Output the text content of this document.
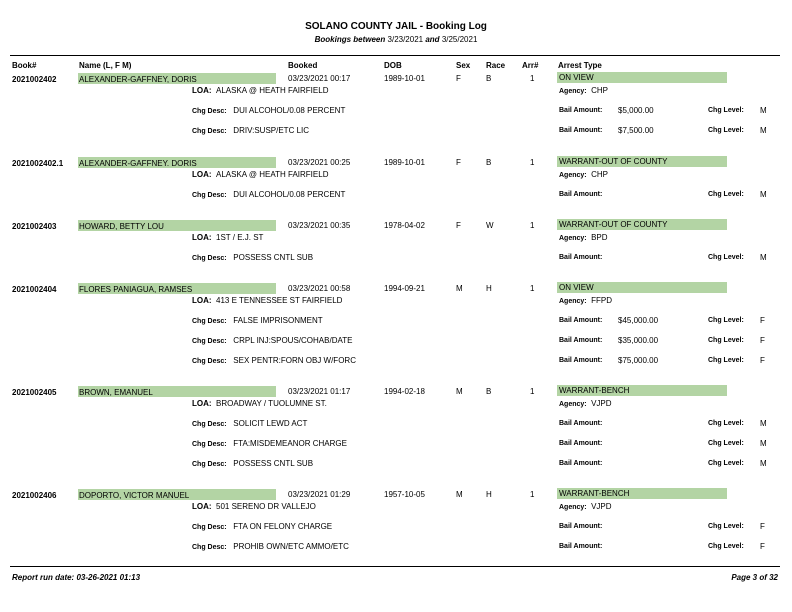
SOLANO COUNTY JAIL - Booking Log
Bookings between 3/23/2021 and 3/25/2021
Book#	Name (L, F M)	Booked	DOB	Sex Race Arr# Arrest Type
2021002402	ALEXANDER-GAFFNEY, DORIS	03/23/2021 00:17	1989-10-01	F	B	1	ON VIEW
LOA: ALASKA @ HEATH FAIRFIELD	Agency: CHP
Chg Desc: DUI ALCOHOL/0.08 PERCENT	Bail Amount: $5,000.00	Chg Level: M
Chg Desc: DRIV:SUSP/ETC LIC	Bail Amount: $7,500.00	Chg Level: M
2021002402.1 ALEXANDER-GAFFNEY. DORIS	03/23/2021 00:25	1989-10-01	F	B	1	WARRANT-OUT OF COUNTY
LOA: ALASKA @ HEATH FAIRFIELD	Agency: CHP
Chg Desc: DUI ALCOHOL/0.08 PERCENT	Bail Amount:	Chg Level: M
2021002403	HOWARD, BETTY LOU	03/23/2021 00:35	1978-04-02	F	W	1	WARRANT-OUT OF COUNTY
LOA: 1ST / E.J. ST	Agency: BPD
Chg Desc: POSSESS CNTL SUB	Bail Amount:	Chg Level: M
2021002404	FLORES PANIAGUA, RAMSES	03/23/2021 00:58	1994-09-21	M	H	1	ON VIEW
LOA: 413 E TENNESSEE ST FAIRFIELD	Agency: FFPD
Chg Desc: FALSE IMPRISONMENT	Bail Amount: $45,000.00	Chg Level: F
Chg Desc: CRPL INJ:SPOUS/COHAB/DATE	Bail Amount: $35,000.00	Chg Level: F
Chg Desc: SEX PENTR:FORN OBJ W/FORC	Bail Amount: $75,000.00	Chg Level: F
2021002405	BROWN, EMANUEL	03/23/2021 01:17	1994-02-18	M	B	1	WARRANT-BENCH
LOA: BROADWAY / TUOLUMNE ST.	Agency: VJPD
Chg Desc: SOLICIT LEWD ACT	Bail Amount:	Chg Level: M
Chg Desc: FTA:MISDEMEANOR CHARGE	Bail Amount:	Chg Level: M
Chg Desc: POSSESS CNTL SUB	Bail Amount:	Chg Level: M
2021002406	DOPORTO, VICTOR MANUEL	03/23/2021 01:29	1957-10-05	M	H	1	WARRANT-BENCH
LOA: 501 SERENO DR VALLEJO	Agency: VJPD
Chg Desc: FTA ON FELONY CHARGE	Bail Amount:	Chg Level: F
Chg Desc: PROHIB OWN/ETC AMMO/ETC	Bail Amount:	Chg Level: F
Report run date: 03-26-2021 01:13	Page 3 of 32
